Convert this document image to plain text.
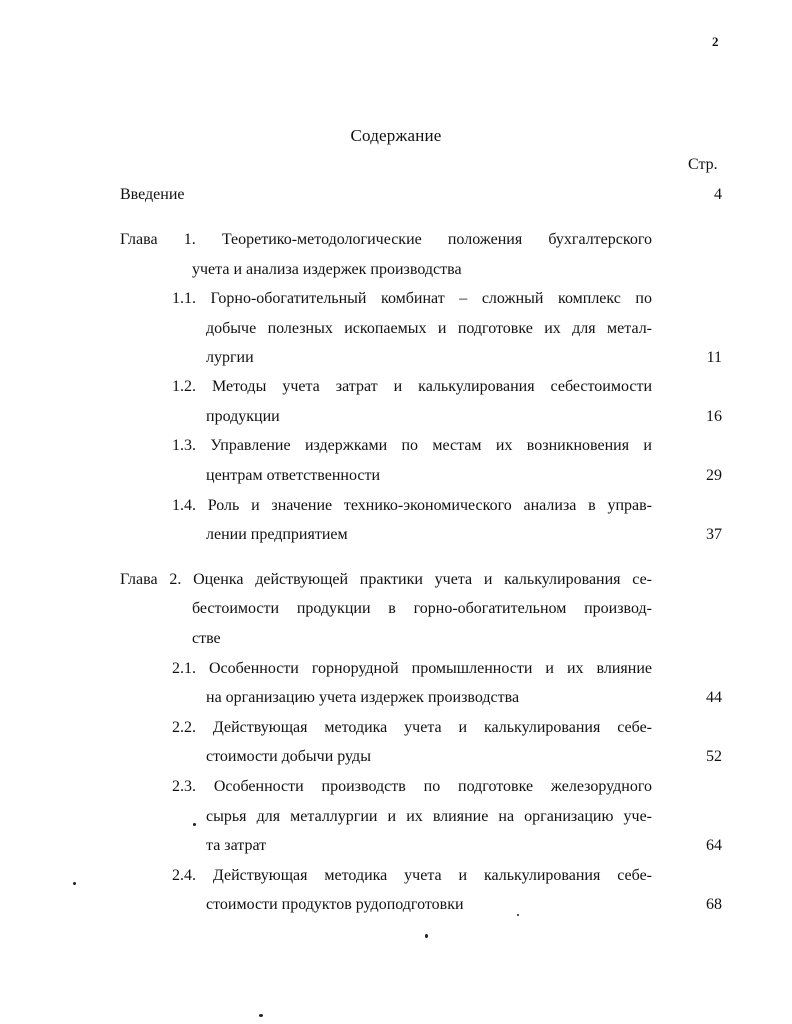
2
Содержание
Стр.
Введение	4
Глава 1. Теоретико-методологические положения бухгалтерского
учета и анализа издержек производства
1.1. Горно-обогатительный комбинат – сложный комплекс по
добыче полезных ископаемых и подготовке их для метал-
лургии	11
1.2. Методы учета затрат и калькулирования себестоимости
продукции	16
1.3. Управление издержками по местам их возникновения и
центрам ответственности	29
1.4. Роль и значение технико-экономического анализа в управ-
лении предприятием	37
Глава 2. Оценка действующей практики учета и калькулирования се-
бестоимости продукции в горно-обогатительном производ-
стве
2.1. Особенности горнорудной промышленности и их влияние
на организацию учета издержек производства	44
2.2. Действующая методика учета и калькулирования себе-
стоимости добычи руды	52
2.3. Особенности производств по подготовке железорудного
сырья для металлургии и их влияние на организацию уче-
та затрат	64
2.4. Действующая методика учета и калькулирования себе-
стоимости продуктов рудоподготовки	68
